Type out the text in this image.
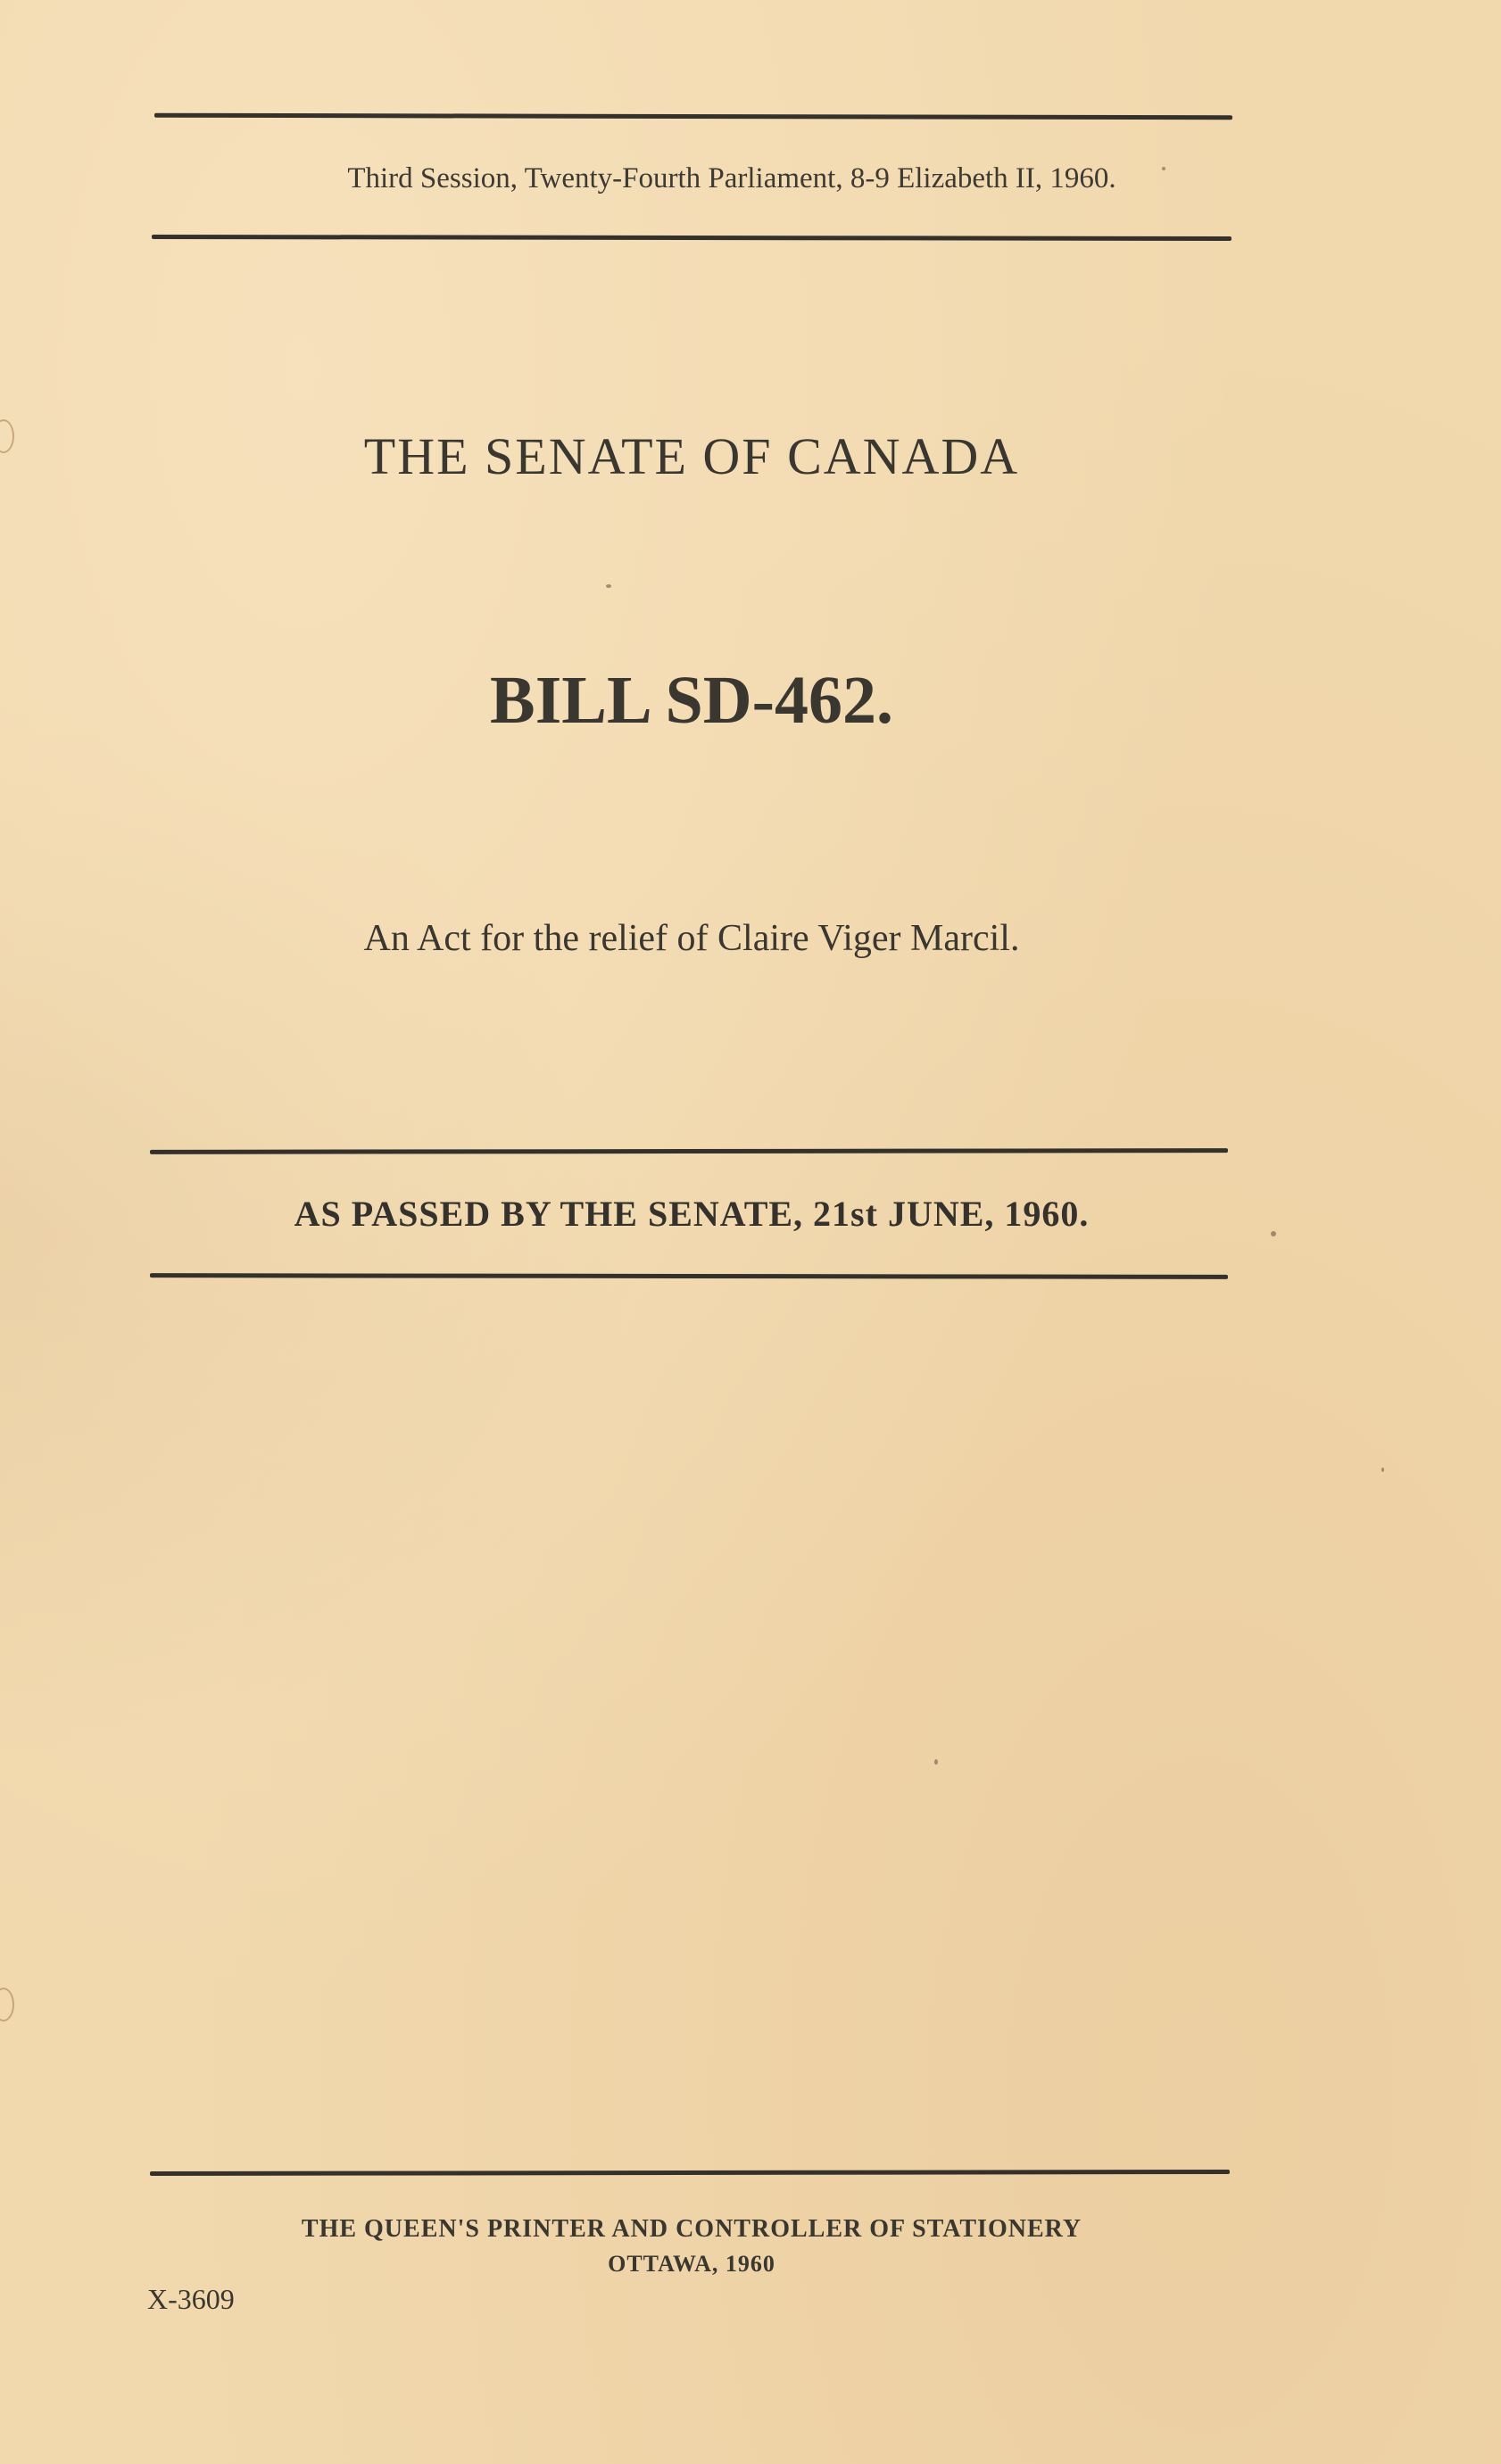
Third Session, Twenty-Fourth Parliament, 8-9 Elizabeth II, 1960.
THE SENATE OF CANADA
BILL SD-462.
An Act for the relief of Claire Viger Marcil.
AS PASSED BY THE SENATE, 21st JUNE, 1960.
THE QUEEN'S PRINTER AND CONTROLLER OF STATIONERY
OTTAWA, 1960
X-3609
